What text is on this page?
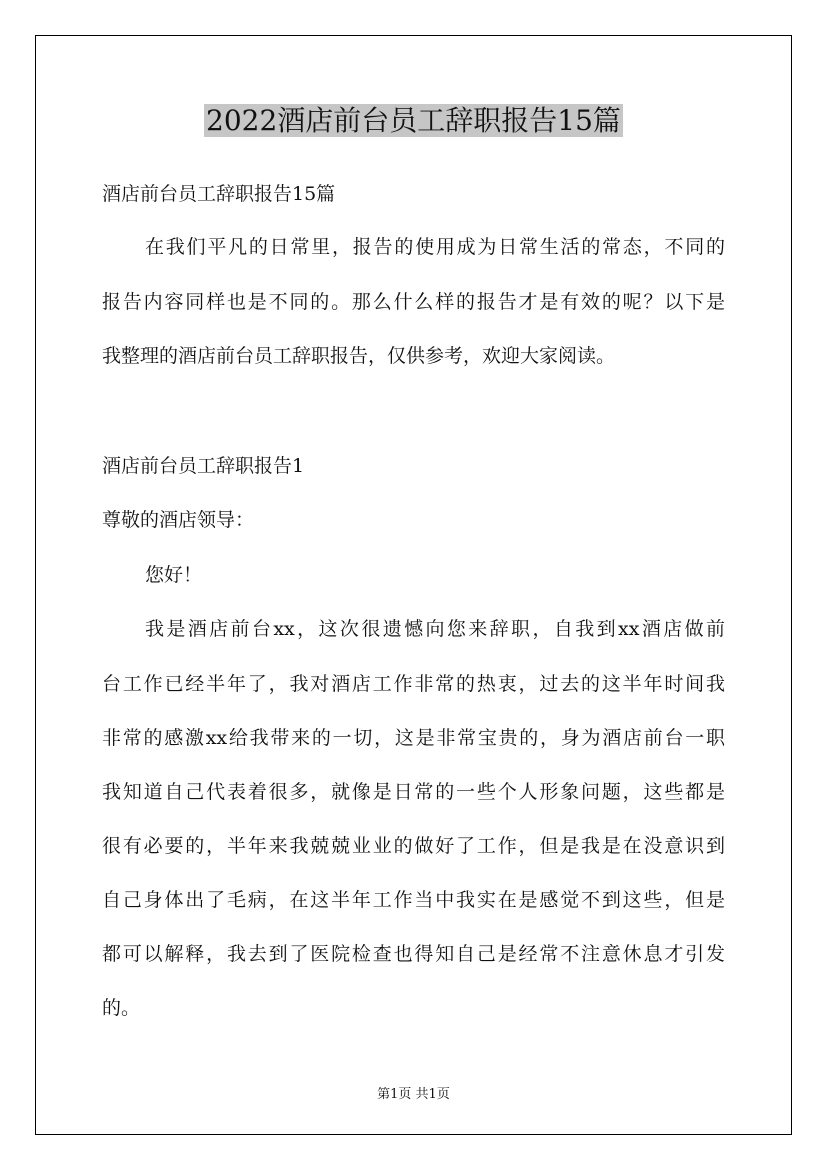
2022酒店前台员工辞职报告15篇
酒店前台员工辞职报告15篇
在我们平凡的日常里，报告的使用成为日常生活的常态，不同的
报告内容同样也是不同的。那么什么样的报告才是有效的呢？以下是
我整理的酒店前台员工辞职报告，仅供参考，欢迎大家阅读。
酒店前台员工辞职报告1
尊敬的酒店领导：
您好！
我是酒店前台xx，这次很遗憾向您来辞职，自我到xx酒店做前
台工作已经半年了，我对酒店工作非常的热衷，过去的这半年时间我
非常的感激xx给我带来的一切，这是非常宝贵的，身为酒店前台一职
我知道自己代表着很多，就像是日常的一些个人形象问题，这些都是
很有必要的，半年来我兢兢业业的做好了工作，但是我是在没意识到
自己身体出了毛病，在这半年工作当中我实在是感觉不到这些，但是
都可以解释，我去到了医院检查也得知自己是经常不注意休息才引发
的。
第1页 共1页
